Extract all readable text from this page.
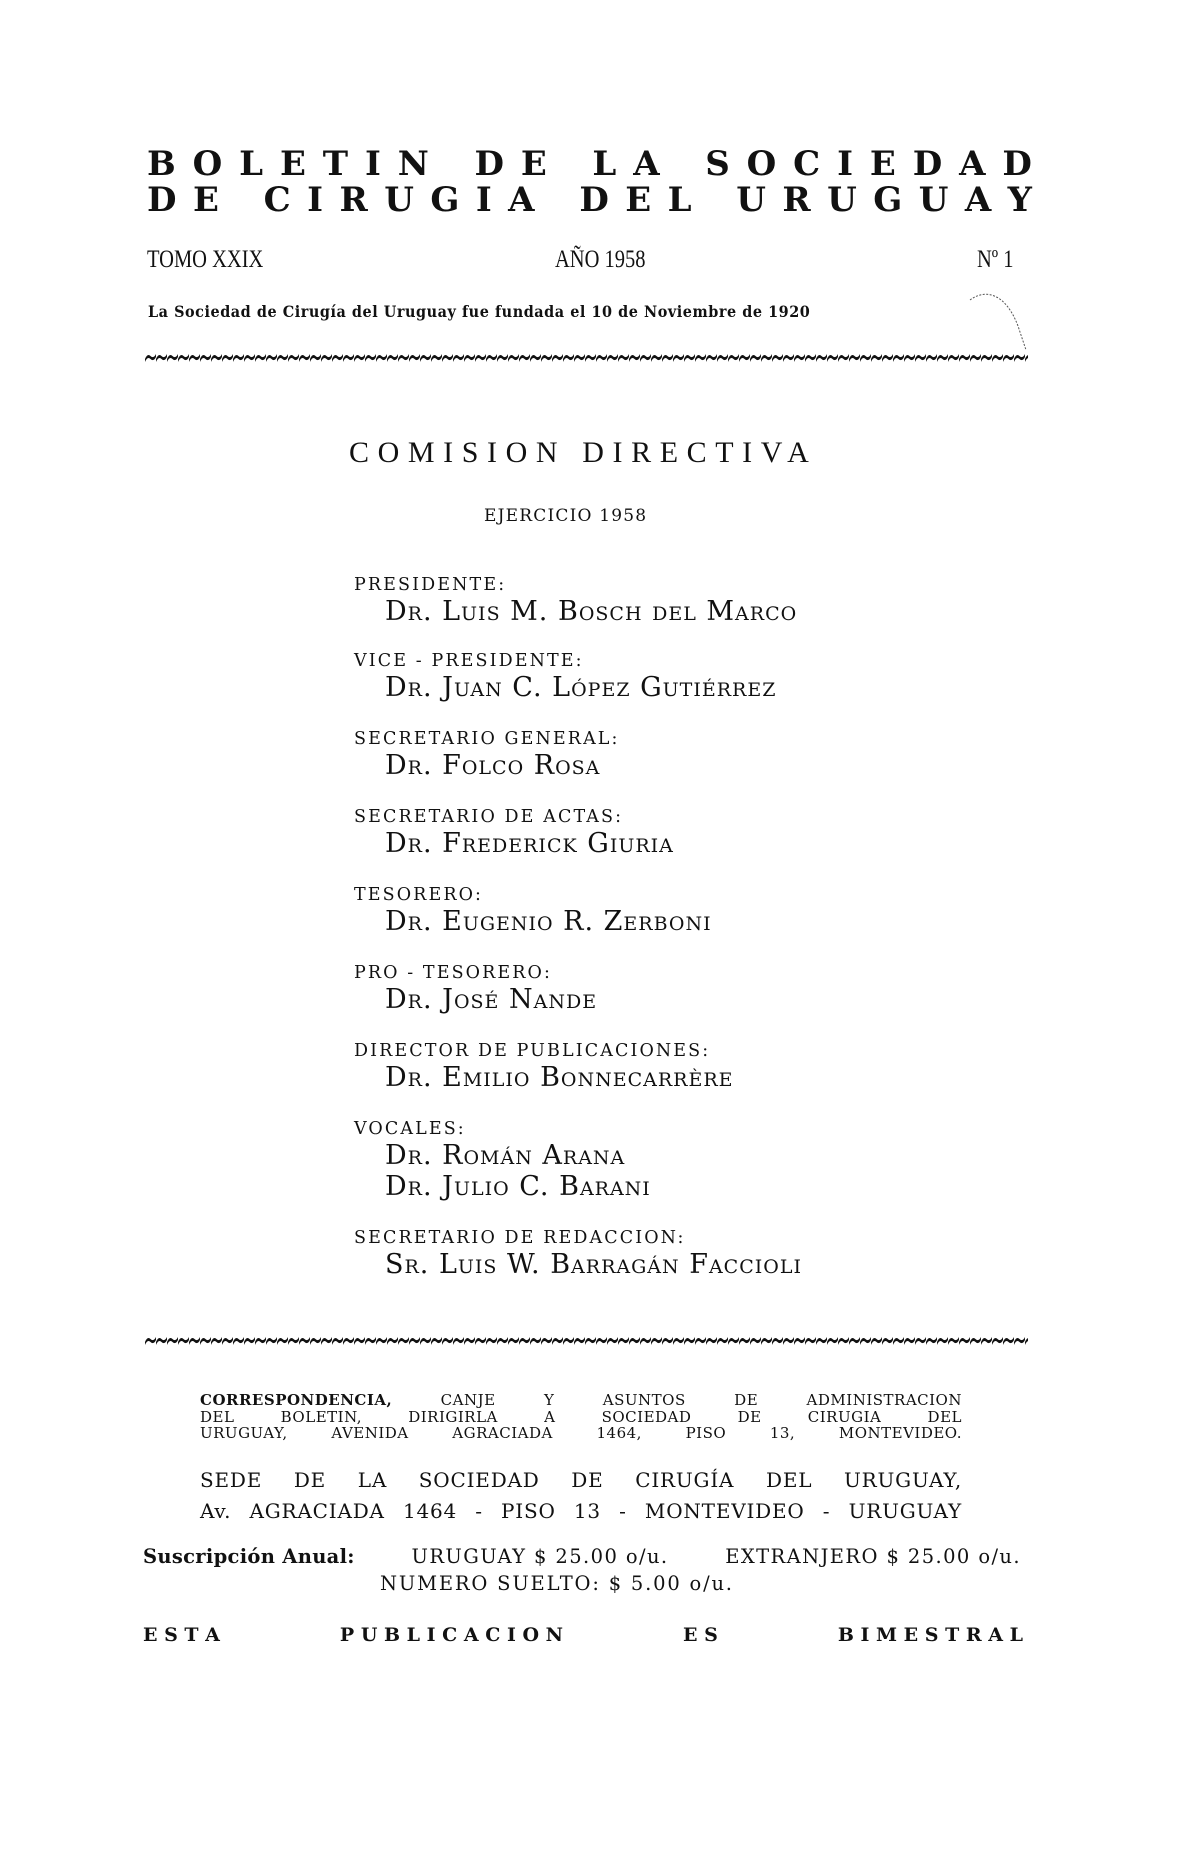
B O L E T I N
D E
L A
S O C I E D A D
D E
C I R U G I A
D E L
U R U G U A Y
TOMO XXIX	AÑO 1958	Nº 1
La Sociedad de Cirugía del Uruguay fue fundada el 10 de Noviembre de 1920
COMISION DIRECTIVA
EJERCICIO 1958
PRESIDENTE:
Dr. Luis M. Bosch del Marco
VICE - PRESIDENTE:
Dr. Juan C. López Gutiérrez
SECRETARIO GENERAL:
Dr. Folco Rosa
SECRETARIO DE ACTAS:
Dr. Frederick Giuria
TESORERO:
Dr. Eugenio R. Zerboni
PRO - TESORERO:
Dr. José Nande
DIRECTOR DE PUBLICACIONES:
Dr. Emilio Bonnecarrère
VOCALES:
Dr. Román Arana
Dr. Julio C. Barani
SECRETARIO DE REDACCION:
Sr. Luis W. Barragán Faccioli
CORRESPONDENCIA,	CANJE Y ASUNTOS DE ADMINISTRACION
DEL BOLETIN, DIRIGIRLA A SOCIEDAD DE CIRUGIA DEL
URUGUAY, AVENIDA AGRACIADA 1464, PISO 13, MONTEVIDEO.
SEDE DE LA SOCIEDAD DE CIRUGÍA DEL URUGUAY,
Av. AGRACIADA 1464 - PISO 13 - MONTEVIDEO - URUGUAY
Suscripción Anual:	URUGUAY $ 25.00 o/u.	EXTRANJERO $ 25.00 o/u.
NUMERO SUELTO: $ 5.00 o/u.
E S T A	P U B L I C A C I O N	E S	B I M E S T R A L
